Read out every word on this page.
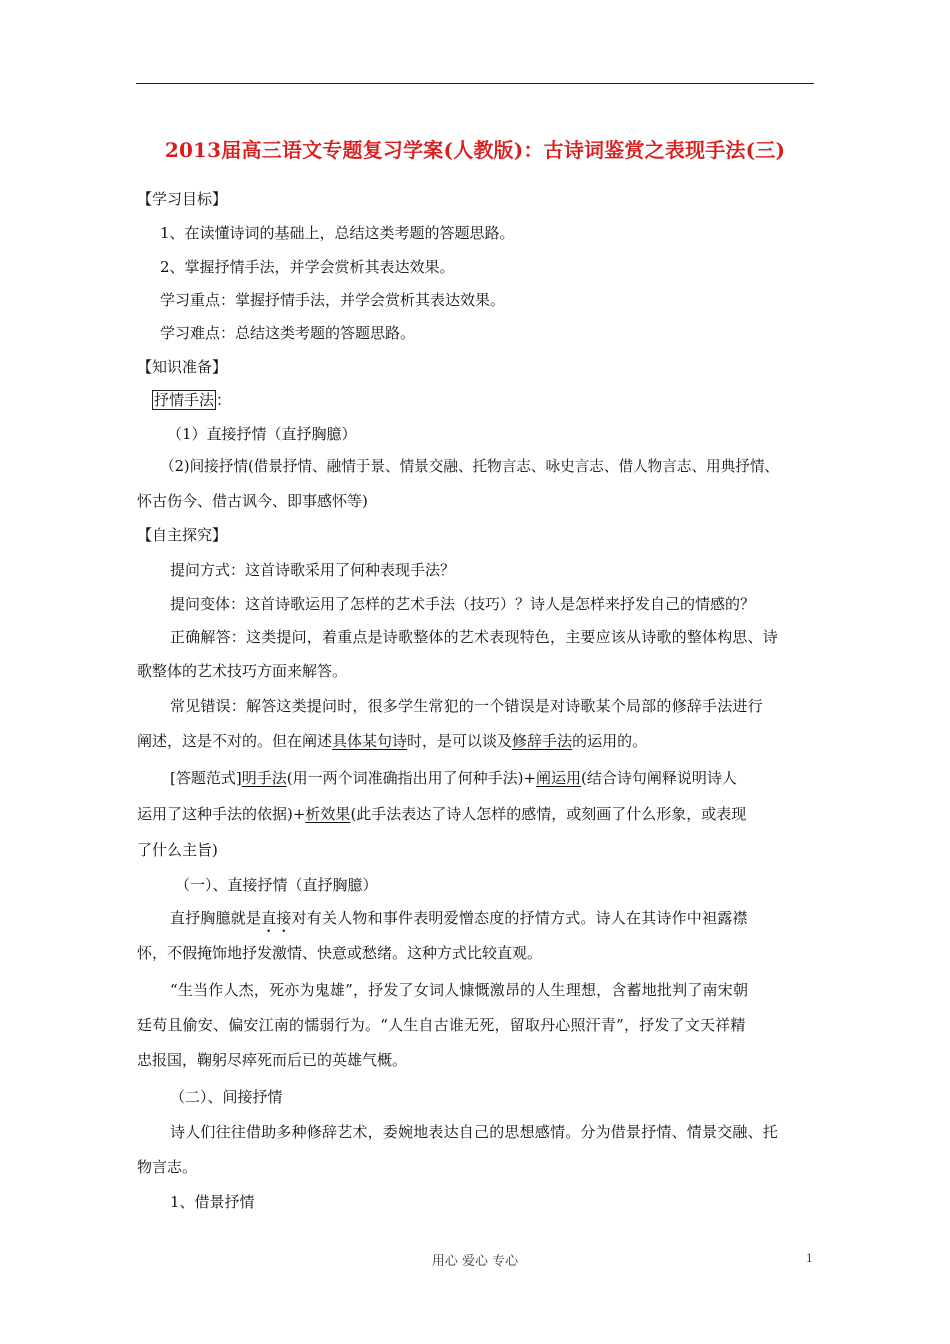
2013届高三语文专题复习学案(人教版)：古诗词鉴赏之表现手法(三)
【学习目标】
1、在读懂诗词的基础上，总结这类考题的答题思路。
2、掌握抒情手法，并学会赏析其表达效果。
学习重点：掌握抒情手法，并学会赏析其表达效果。
学习难点：总结这类考题的答题思路。
【知识准备】
抒情手法 ：
（1）直接抒情（直抒胸臆）
（2)间接抒情(借景抒情、融情于景、情景交融、托物言志、咏史言志、借人物言志、用典抒情、
怀古伤今、借古讽今、即事感怀等)
【自主探究】
提问方式：这首诗歌采用了何种表现手法？
提问变体：这首诗歌运用了怎样的艺术手法（技巧）？诗人是怎样来抒发自己的情感的？
正确解答：这类提问，着重点是诗歌整体的艺术表现特色，主要应该从诗歌的整体构思、诗
歌整体的艺术技巧方面来解答。
常见错误：解答这类提问时，很多学生常犯的一个错误是对诗歌某个局部的修辞手法进行
阐述，这是不对的。但在阐述具体某句诗时，是可以谈及修辞手法的运用的。
[答题范式]明手法(用一两个词准确指出用了何种手法)+阐运用(结合诗句阐释说明诗人
运用了这种手法的依据)+析效果(此手法表达了诗人怎样的感情，或刻画了什么形象，或表现
了什么主旨)
（一）、直接抒情（直抒胸臆）
直抒胸臆就是直接对有关人物和事件表明爱憎态度的抒情方式。诗人在其诗作中袒露襟
怀，不假掩饰地抒发激情、快意或愁绪。这种方式比较直观。
“生当作人杰，死亦为鬼雄”，抒发了女词人慷慨激昂的人生理想，含蓄地批判了南宋朝
廷苟且偷安、偏安江南的懦弱行为。“人生自古谁无死，留取丹心照汗青”，抒发了文天祥精
忠报国，鞠躬尽瘁死而后已的英雄气概。
（二）、间接抒情
诗人们往往借助多种修辞艺术，委婉地表达自己的思想感情。分为借景抒情、情景交融、托
物言志。
1、借景抒情
用心 爱心 专心	1
